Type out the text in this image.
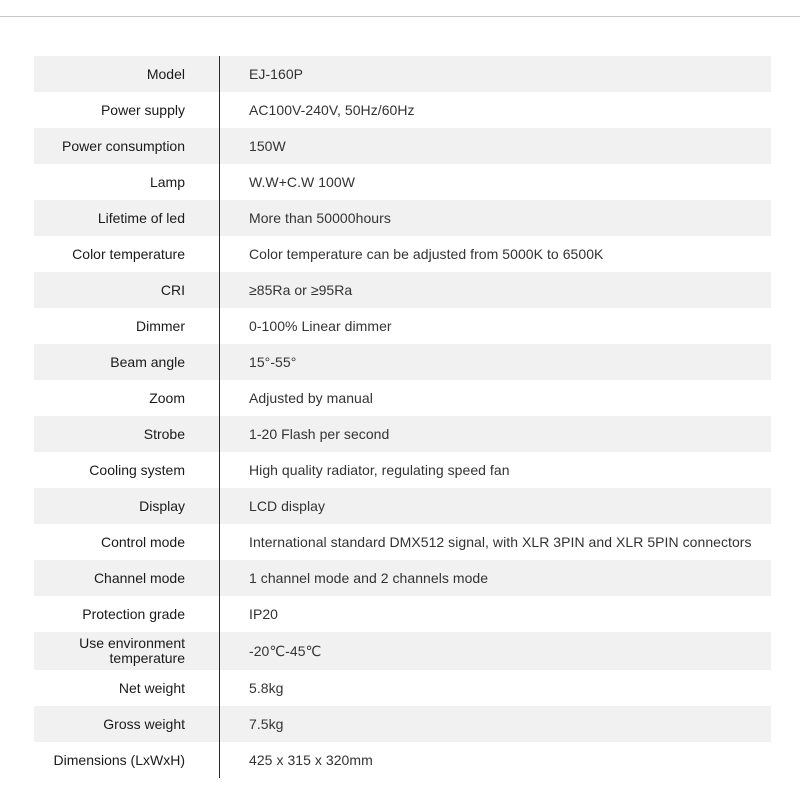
Model	EJ-160P
Power supply	AC100V-240V, 50Hz/60Hz
Power consumption	150W
Lamp	W.W+C.W 100W
Lifetime of led	More than 50000hours
Color temperature	Color temperature can be adjusted from 5000K to 6500K
CRI	≥85Ra or ≥95Ra
Dimmer	0-100% Linear dimmer
Beam angle	15°-55°
Zoom	Adjusted by manual
Strobe	1-20 Flash per second
Cooling system	High quality radiator, regulating speed fan
Display	LCD display
Control mode	International standard DMX512 signal, with XLR 3PIN and XLR 5PIN connectors
Channel mode	1 channel mode and 2 channels mode
Protection grade	IP20
Use environment
temperature	-20℃-45℃
Net weight	5.8kg
Gross weight	7.5kg
Dimensions (LxWxH)	425 x 315 x 320mm
